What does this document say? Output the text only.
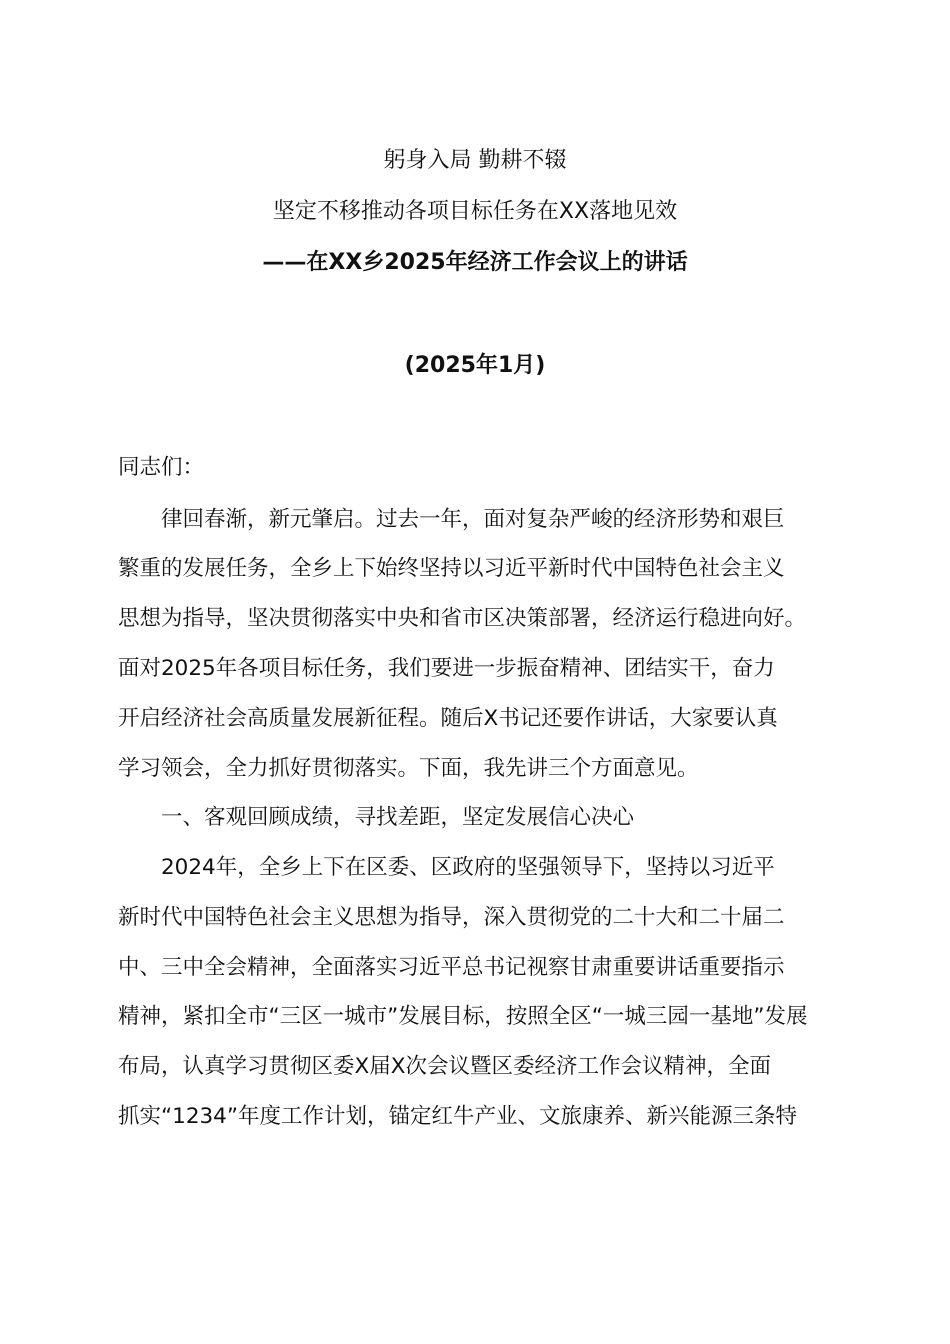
躬身入局 勤耕不辍
坚定不移推动各项目标任务在XX落地见效
——在XX乡2025年经济工作会议上的讲话
(2025年1月)
同志们：
　　律回春渐，新元肇启。过去一年，面对复杂严峻的经济形势和艰巨
繁重的发展任务，全乡上下始终坚持以习近平新时代中国特色社会主义
思想为指导，坚决贯彻落实中央和省市区决策部署，经济运行稳进向好。
面对2025年各项目标任务，我们要进一步振奋精神、团结实干，奋力
开启经济社会高质量发展新征程。随后X书记还要作讲话，大家要认真
学习领会，全力抓好贯彻落实。下面，我先讲三个方面意见。
　　一、客观回顾成绩，寻找差距，坚定发展信心决心
　　2024年，全乡上下在区委、区政府的坚强领导下，坚持以习近平
新时代中国特色社会主义思想为指导，深入贯彻党的二十大和二十届二
中、三中全会精神，全面落实习近平总书记视察甘肃重要讲话重要指示
精神，紧扣全市“三区一城市”发展目标，按照全区“一城三园一基地”发展
布局，认真学习贯彻区委X届X次会议暨区委经济工作会议精神，全面
抓实“1234”年度工作计划，锚定红牛产业、文旅康养、新兴能源三条特
